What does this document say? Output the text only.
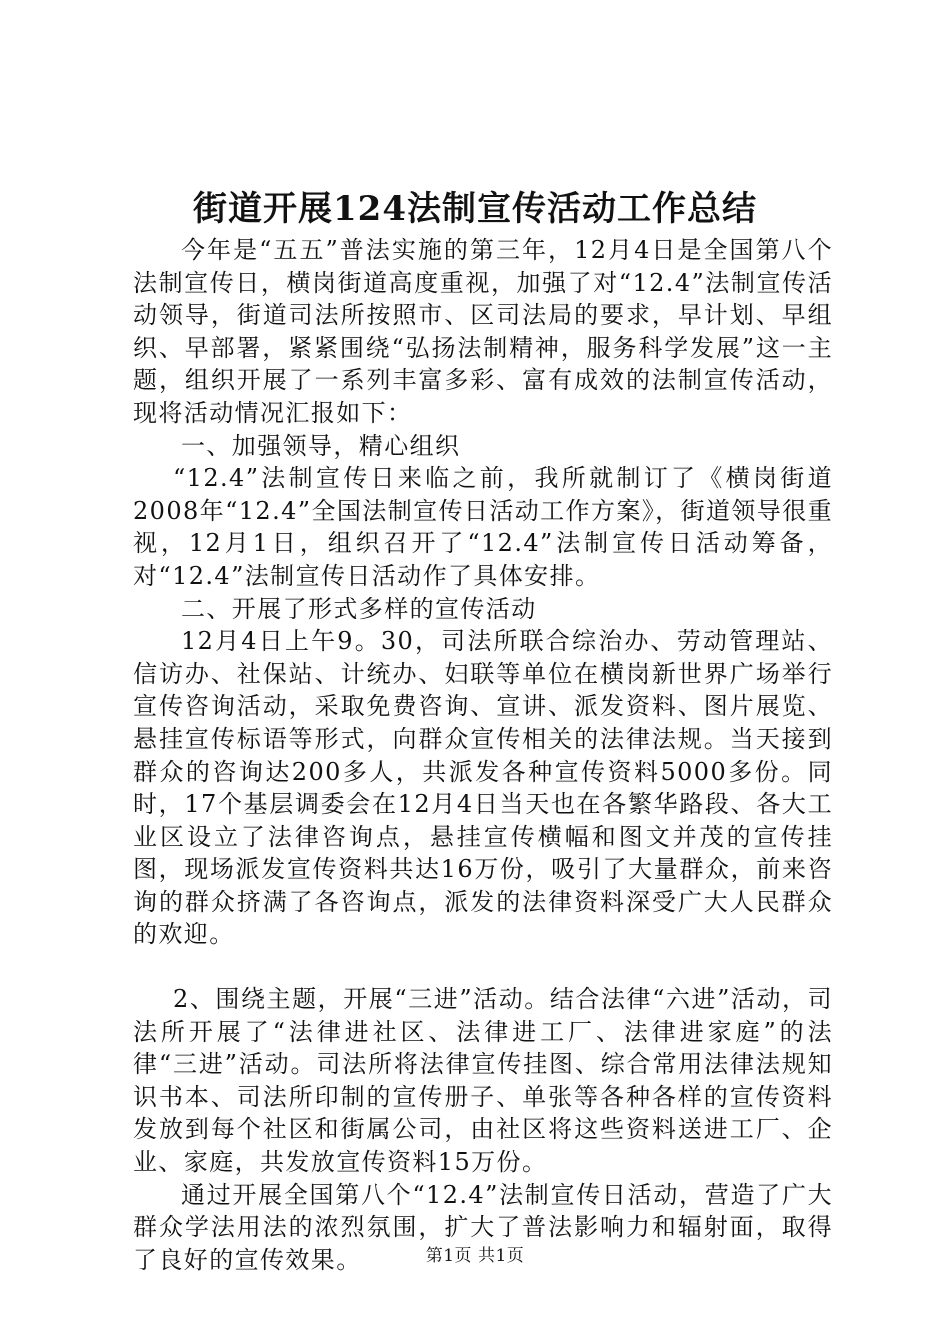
街道开展124法制宣传活动工作总结

今年是“五五”普法实施的第三年，12月4日是全国第八个法制宣传日，横岗街道高度重视，加强了对“12.4”法制宣传活动领导，街道司法所按照市、区司法局的要求，早计划、早组织、早部署，紧紧围绕“弘扬法制精神，服务科学发展”这一主题，组织开展了一系列丰富多彩、富有成效的法制宣传活动，现将活动情况汇报如下：

一、加强领导，精心组织

“12.4”法制宣传日来临之前，我所就制订了《横岗街道2008年“12.4”全国法制宣传日活动工作方案》，街道领导很重视，12月1日，组织召开了“12.4”法制宣传日活动筹备，对“12.4”法制宣传日活动作了具体安排。

二、开展了形式多样的宣传活动

12月4日上午9。30，司法所联合综治办、劳动管理站、信访办、社保站、计统办、妇联等单位在横岗新世界广场举行宣传咨询活动，采取免费咨询、宣讲、派发资料、图片展览、悬挂宣传标语等形式，向群众宣传相关的法律法规。当天接到群众的咨询达200多人，共派发各种宣传资料5000多份。同时，17个基层调委会在12月4日当天也在各繁华路段、各大工业区设立了法律咨询点，悬挂宣传横幅和图文并茂的宣传挂图，现场派发宣传资料共达16万份，吸引了大量群众，前来咨询的群众挤满了各咨询点，派发的法律资料深受广大人民群众的欢迎。

2、围绕主题，开展“三进”活动。结合法律“六进”活动，司法所开展了“法律进社区、法律进工厂、法律进家庭”的法律“三进”活动。司法所将法律宣传挂图、综合常用法律法规知识书本、司法所印制的宣传册子、单张等各种各样的宣传资料发放到每个社区和街属公司，由社区将这些资料送进工厂、企业、家庭，共发放宣传资料15万份。

通过开展全国第八个“12.4”法制宣传日活动，营造了广大群众学法用法的浓烈氛围，扩大了普法影响力和辐射面，取得了良好的宣传效果。	第1页 共1页
